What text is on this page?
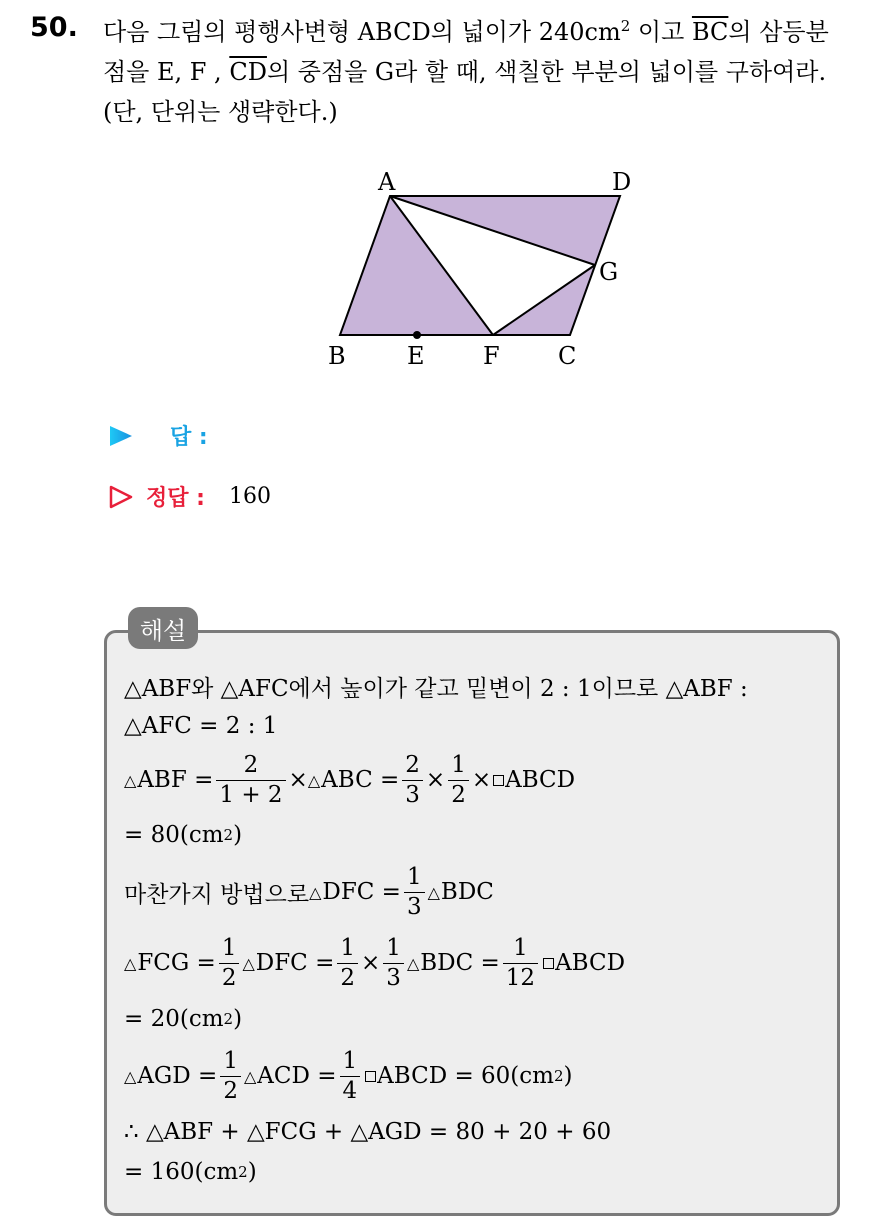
50. 다음 그림의 평행사변형 ABCD의 넓이가 $240cm^2$ 이고 $\overline{BC}$의 삼등분
점을 E, F , $\overline{CD}$의 중점을 G라 할 때, 색칠한 부분의 넓이를 구하여라.
(단, 단위는 생략한다.)
A	D
G
B	E F C
답 :
정답 : 160
해설
△ABF와 △AFC에서 높이가 같고 밑변이 2 : 1이므로 △ABF :
△AFC = 2 : 1
△ ABF = $\frac{2}{1 + 2}$ × △ ABC = $\frac{2}{3} \times \frac{1}{2}$ × ABCD
= 80(cm 2 )
마찬가지 방법으로 △ DFC = $\frac{1}{3}$ △ BDC
△ FCG = $\frac{1}{2}$ △ DFC = $\frac{1}{2} \times \frac{1}{3}$ △ BDC = $\frac{1}{12}$ ABCD
= 20(cm 2 )
△ AGD = $\frac{1}{2}$ △ ACD = $\frac{1}{4}$ ABCD = 60(cm 2 )
∴ △ABF + △FCG + △AGD = 80 + 20 + 60
= 160(cm 2 )
